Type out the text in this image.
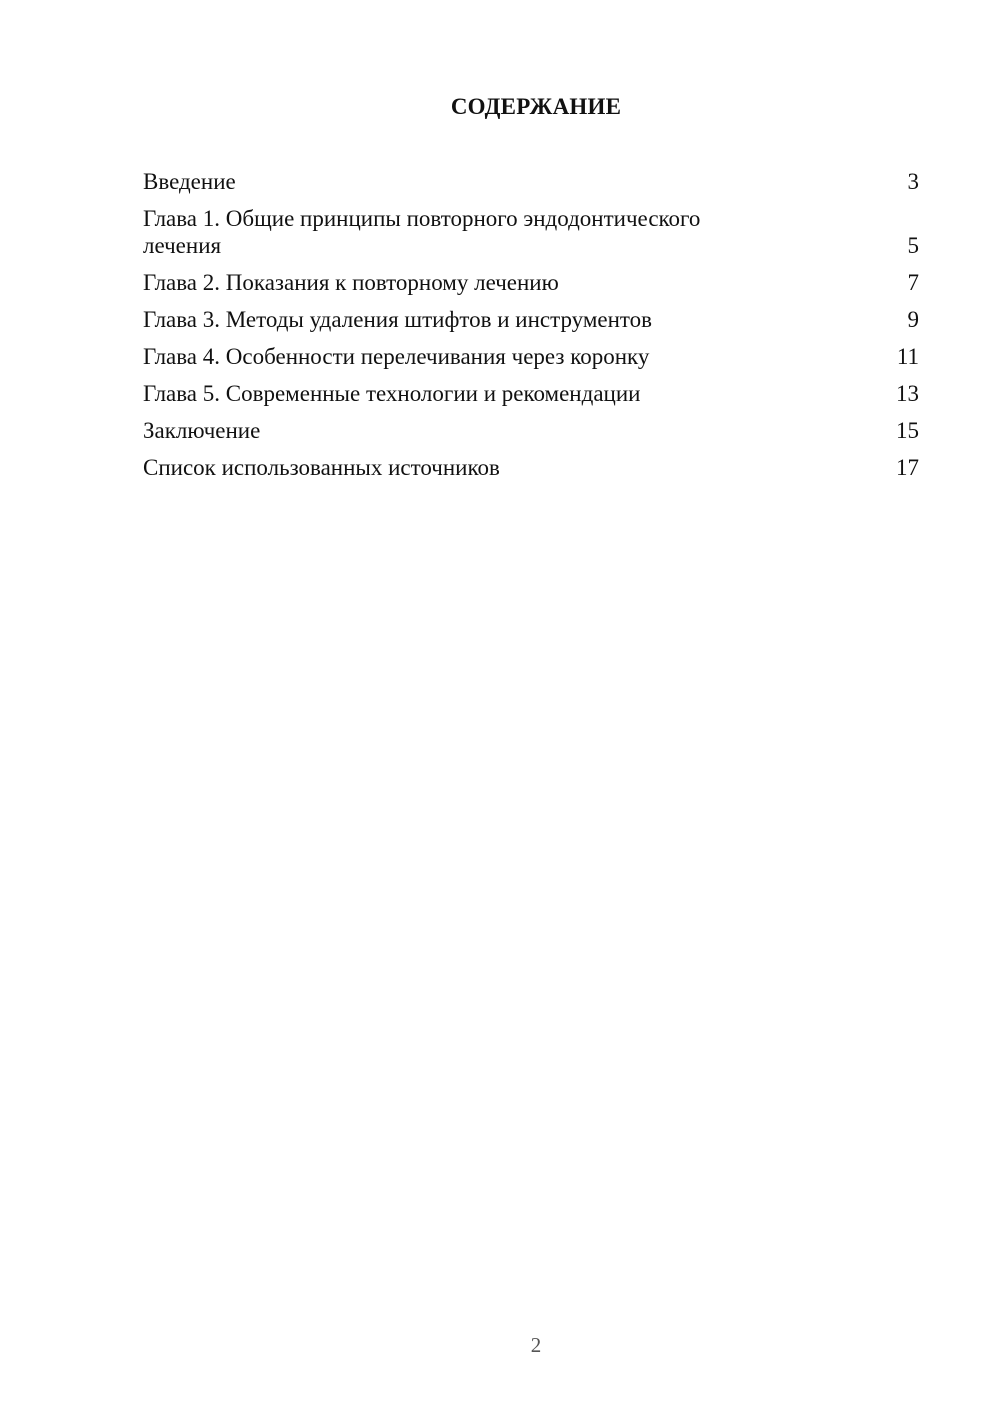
СОДЕРЖАНИЕ
Введение	3
Глава 1. Общие принципы повторного эндодонтического лечения	5
Глава 2. Показания к повторному лечению	7
Глава 3. Методы удаления штифтов и инструментов	9
Глава 4. Особенности перелечивания через коронку	11
Глава 5. Современные технологии и рекомендации	13
Заключение	15
Список использованных источников	17
2
